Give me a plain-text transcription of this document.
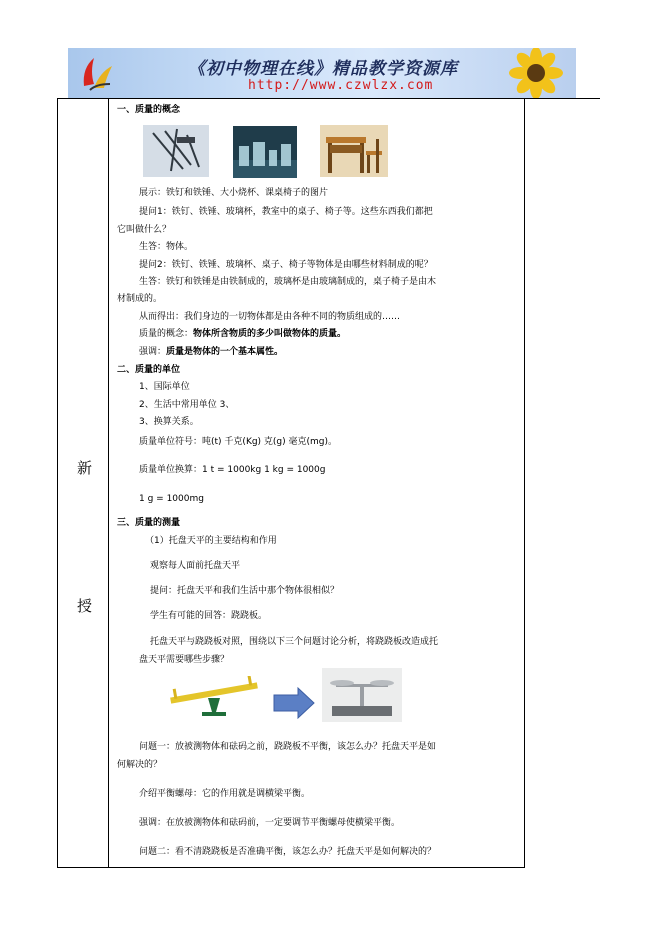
《初中物理在线》精品教学资源库
http://www.czwlzx.com
新
授
一、质量的概念
展示：铁钉和铁锤、大小烧杯、课桌椅子的图片
提问1：铁钉、铁锤、玻璃杯，教室中的桌子、椅子等。这些东西我们都把
它叫做什么？
生答：物体。
提问2：铁钉、铁锤、玻璃杯、桌子、椅子等物体是由哪些材料制成的呢？
生答：铁钉和铁锤是由铁制成的，玻璃杯是由玻璃制成的，桌子椅子是由木
材制成的。
从而得出：我们身边的一切物体都是由各种不同的物质组成的……
质量的概念：物体所含物质的多少叫做物体的质量。
强调：质量是物体的一个基本属性。
二、质量的单位
1、国际单位
2、生活中常用单位 3、
3、换算关系。
质量单位符号：吨(t) 千克(Kg) 克(g) 毫克(mg)。
质量单位换算：1 t = 1000kg 1 kg = 1000g
1 g = 1000mg
三、质量的测量
（1）托盘天平的主要结构和作用
观察每人面前托盘天平
提问：托盘天平和我们生活中那个物体很相似？
学生有可能的回答：跷跷板。
托盘天平与跷跷板对照，围绕以下三个问题讨论分析，将跷跷板改造成托
盘天平需要哪些步骤？
问题一：放被测物体和砝码之前，跷跷板不平衡，该怎么办？托盘天平是如
何解决的？
介绍平衡螺母：它的作用就是调横梁平衡。
强调：在放被测物体和砝码前，一定要调节平衡螺母使横梁平衡。
问题二：看不清跷跷板是否准确平衡，该怎么办？托盘天平是如何解决的？
